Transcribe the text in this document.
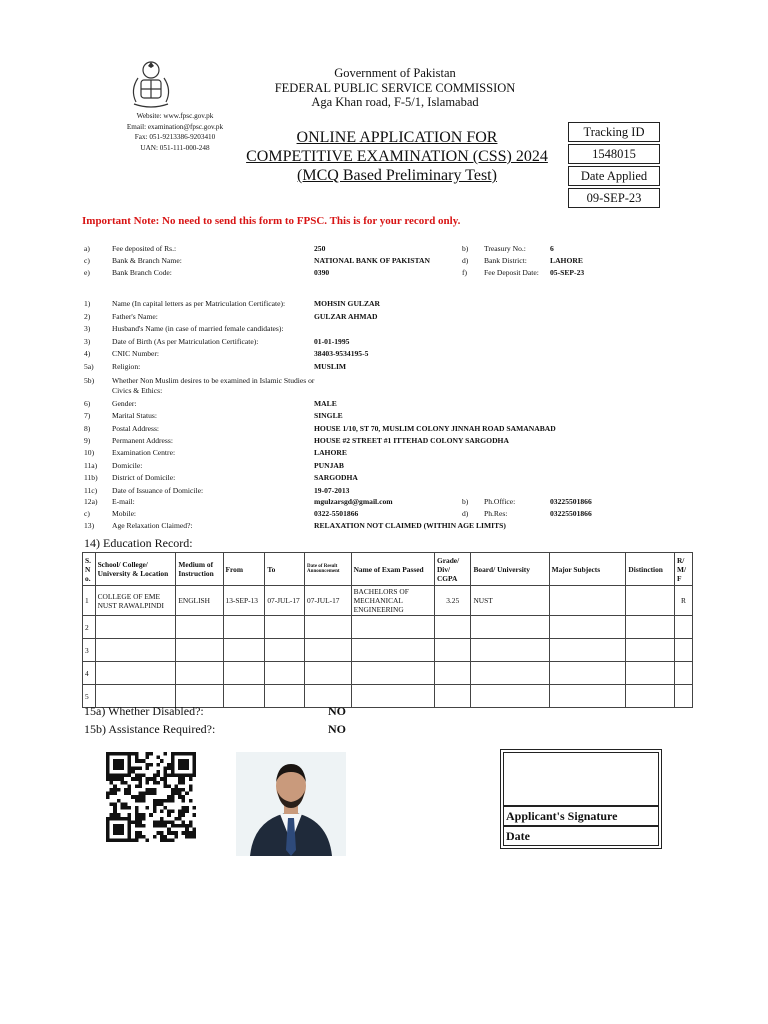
Website: www.fpsc.gov.pk
Email: examination@fpsc.gov.pk
Fax: 051-9213386-9203410
UAN: 051-111-000-248
Government of Pakistan
FEDERAL PUBLIC SERVICE COMMISSION
Aga Khan road, F-5/1, Islamabad
ONLINE APPLICATION FOR
COMPETITIVE EXAMINATION (CSS) 2024
(MCQ Based Preliminary Test)
Tracking ID
1548015
Date Applied
09-SEP-23
Important Note: No need to send this form to FPSC. This is for your record only.
a)	Fee deposited of Rs.:	250	b) Treasury No.:	6
c)	Bank & Branch Name:	NATIONAL BANK OF PAKISTAN	d) Bank District:	LAHORE
e)	Bank Branch Code:	0390	f) Fee Deposit Date: 05-SEP-23
1)	Name (In capital letters as per Matriculation Certificate):	MOHSIN GULZAR
2)	Father's Name:	GULZAR AHMAD
3)	Husband's Name (in case of married female candidates):
3)	Date of Birth (As per Matriculation Certificate):	01-01-1995
4)	CNIC Number:	38403-9534195-5
5a) Religion:	MUSLIM
5b) Whether Non Muslim desires to be examined in Islamic Studies or Civics & Ethics:
6)	Gender:	MALE
7)	Marital Status:	SINGLE
8)	Postal Address:	HOUSE 1/10, ST 70, MUSLIM COLONY JINNAH ROAD SAMANABAD
9)	Permanent Address:	HOUSE #2 STREET #1 ITTEHAD COLONY SARGODHA
10) Examination Centre:	LAHORE
11a) Domicile:	PUNJAB
11b) District of Domicile:	SARGODHA
11c) Date of Issuance of Domicile:	19-07-2013
12a) E-mail:	mgulzarsgd@gmail.com	b) Ph.Office:	03225501866
c)	Mobile:	0322-5501866	d) Ph.Res:	03225501866
13) Age Relaxation Claimed?:	RELAXATION NOT CLAIMED (WITHIN AGE LIMITS)
14) Education Record:
S. N o.	School/ College/ University & Location	Medium of Instruction	From	To	Date of Result Announcement	Name of Exam Passed	Grade/ Div/ CGPA	Board/ University	Major Subjects	Distinction	R/ M/ F
1	COLLEGE OF EME NUST RAWALPINDI	ENGLISH	13-SEP-13	07-JUL-17	07-JUL-17	BACHELORS OF MECHANICAL ENGINEERING	3.25	NUST			R
2											
3											
4											
5											
15a) Whether Disabled?:	NO
15b) Assistance Required?:	NO
Applicant's Signature
Date
